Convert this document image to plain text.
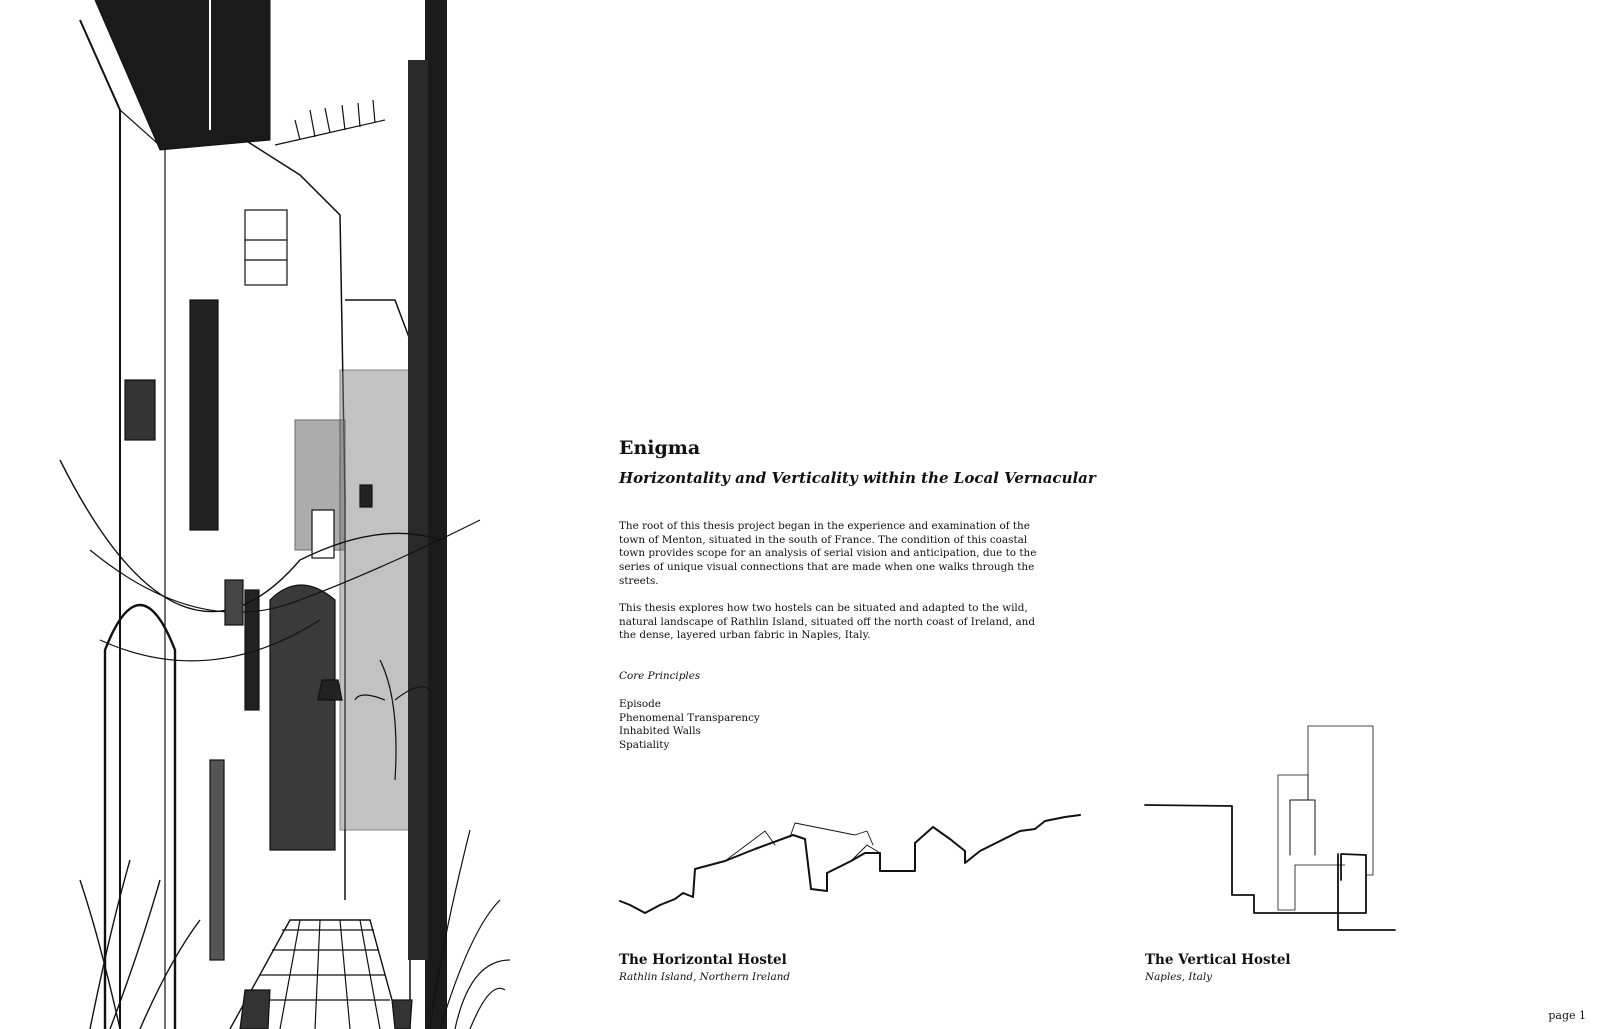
Enigma
Horizontality and Verticality within the Local Vernacular

The root of this thesis project began in the experience and examination of the town of Menton, situated in the south of France. The condition of this coastal town provides scope for an analysis of serial vision and anticipation, due to the series of unique visual connections that are made when one walks through the streets.

This thesis explores how two hostels can be situated and adapted to the wild, natural landscape of Rathlin Island, situated off the north coast of Ireland, and the dense, layered urban fabric in Naples, Italy.

Core Principles

Episode
Phenomenal Transparency
Inhabited Walls
Spatiality
The Horizontal Hostel

Rathlin Island, Northern Ireland

The Vertical Hostel

Naples, Italy

page 1
